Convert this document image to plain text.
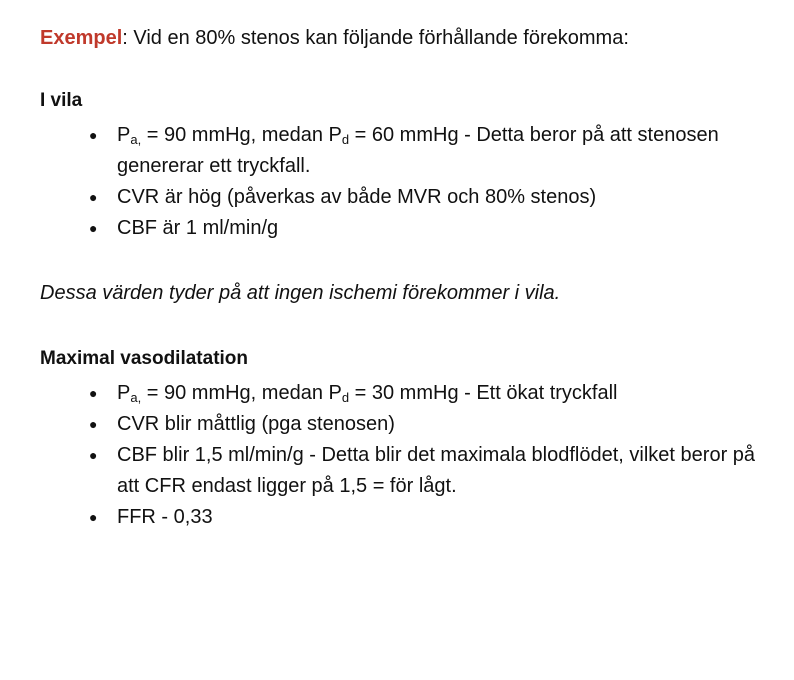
Exempel: Vid en 80% stenos kan följande förhållande förekomma:

I vila

● $P_{a,} = 90$ mmHg, medan $P_d = 60$ mmHg - Detta beror på att stenosen genererar ett tryckfall.
● CVR är hög (påverkas av både MVR och 80% stenos)
● CBF är 1 ml/min/g

Dessa värden tyder på att ingen ischemi förekommer i vila.

Maximal vasodilatation

● $P_{a,} = 90$ mmHg, medan $P_d = 30$ mmHg - Ett ökat tryckfall
● CVR blir måttlig (pga stenosen)
● CBF blir 1,5 ml/min/g - Detta blir det maximala blodflödet, vilket beror på att CFR endast ligger på 1,5 = för lågt.
● FFR - 0,33
